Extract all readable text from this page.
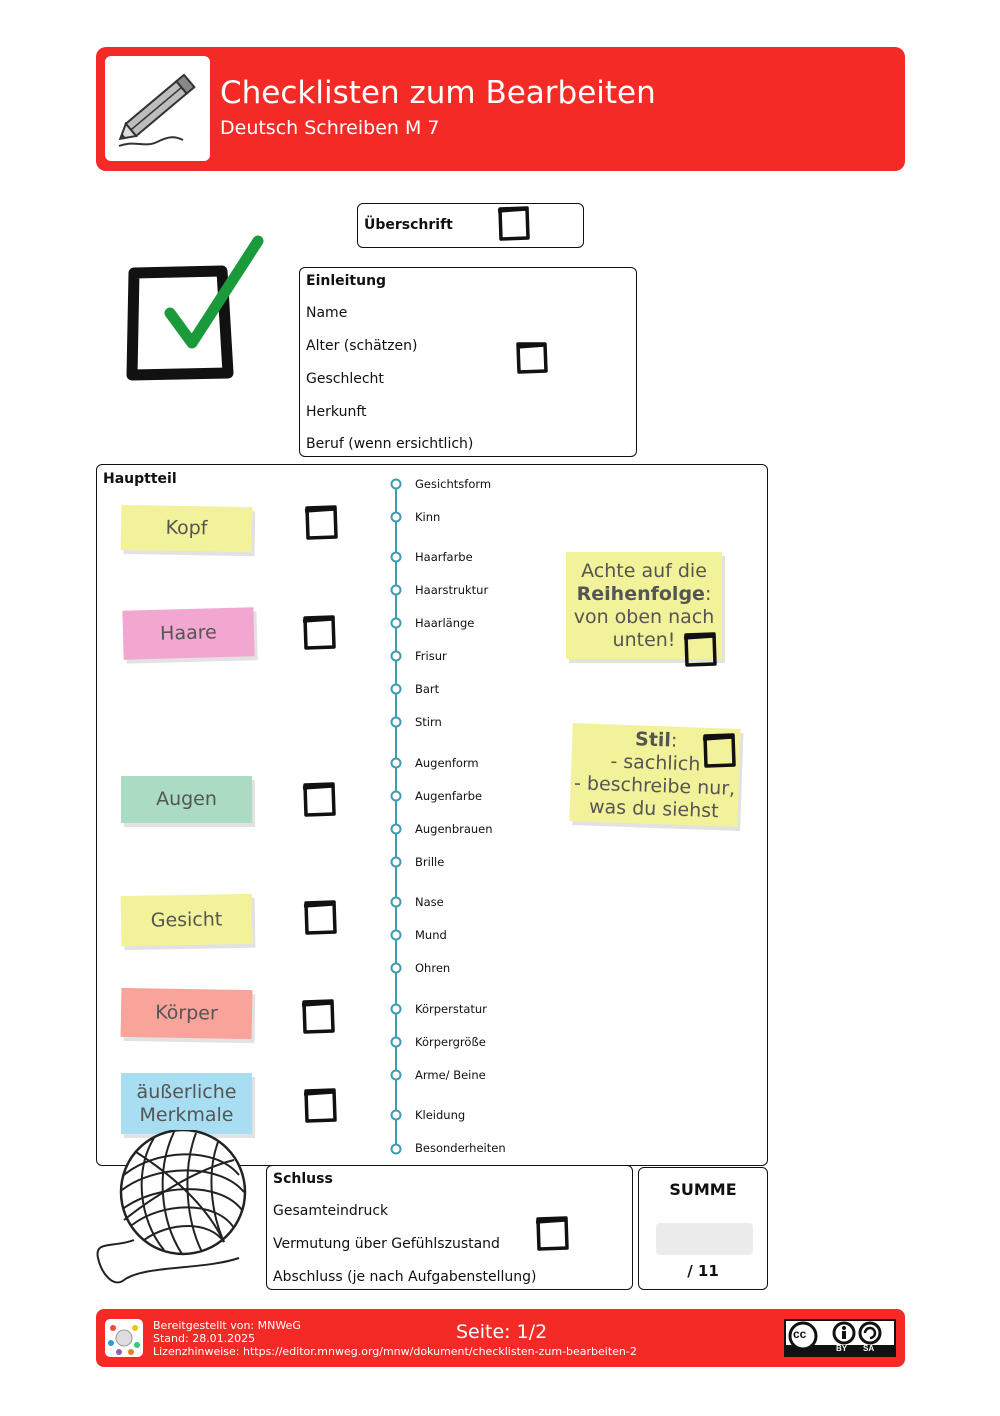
Checklisten zum Bearbeiten
Deutsch Schreiben M 7
Überschrift
Einleitung
Name
Alter (schätzen)
Geschlecht
Herkunft
Beruf (wenn ersichtlich)
Hauptteil
Kopf
Haare
Augen
Gesicht
Körper
äußerliche
Merkmale
Gesichtsform
Kinn
Haarfarbe
Haarstruktur
Haarlänge
Frisur
Bart
Stirn
Augenform
Augenfarbe
Augenbrauen
Brille
Nase
Mund
Ohren
Körperstatur
Körpergröße
Arme/ Beine
Kleidung
Besonderheiten
Achte auf die
Reihenfolge:
von oben nach
unten!
Stil:
- sachlich
- beschreibe nur,
was du siehst
Schluss
Gesamteindruck
Vermutung über Gefühlszustand
Abschluss (je nach Aufgabenstellung)
SUMME
/ 11
Bereitgestellt von: MNWeG
Stand: 28.01.2025
Lizenzhinweise: https://editor.mnweg.org/mnw/dokument/checklisten-zum-bearbeiten-2
Seite: 1/2	cc
BY SA
